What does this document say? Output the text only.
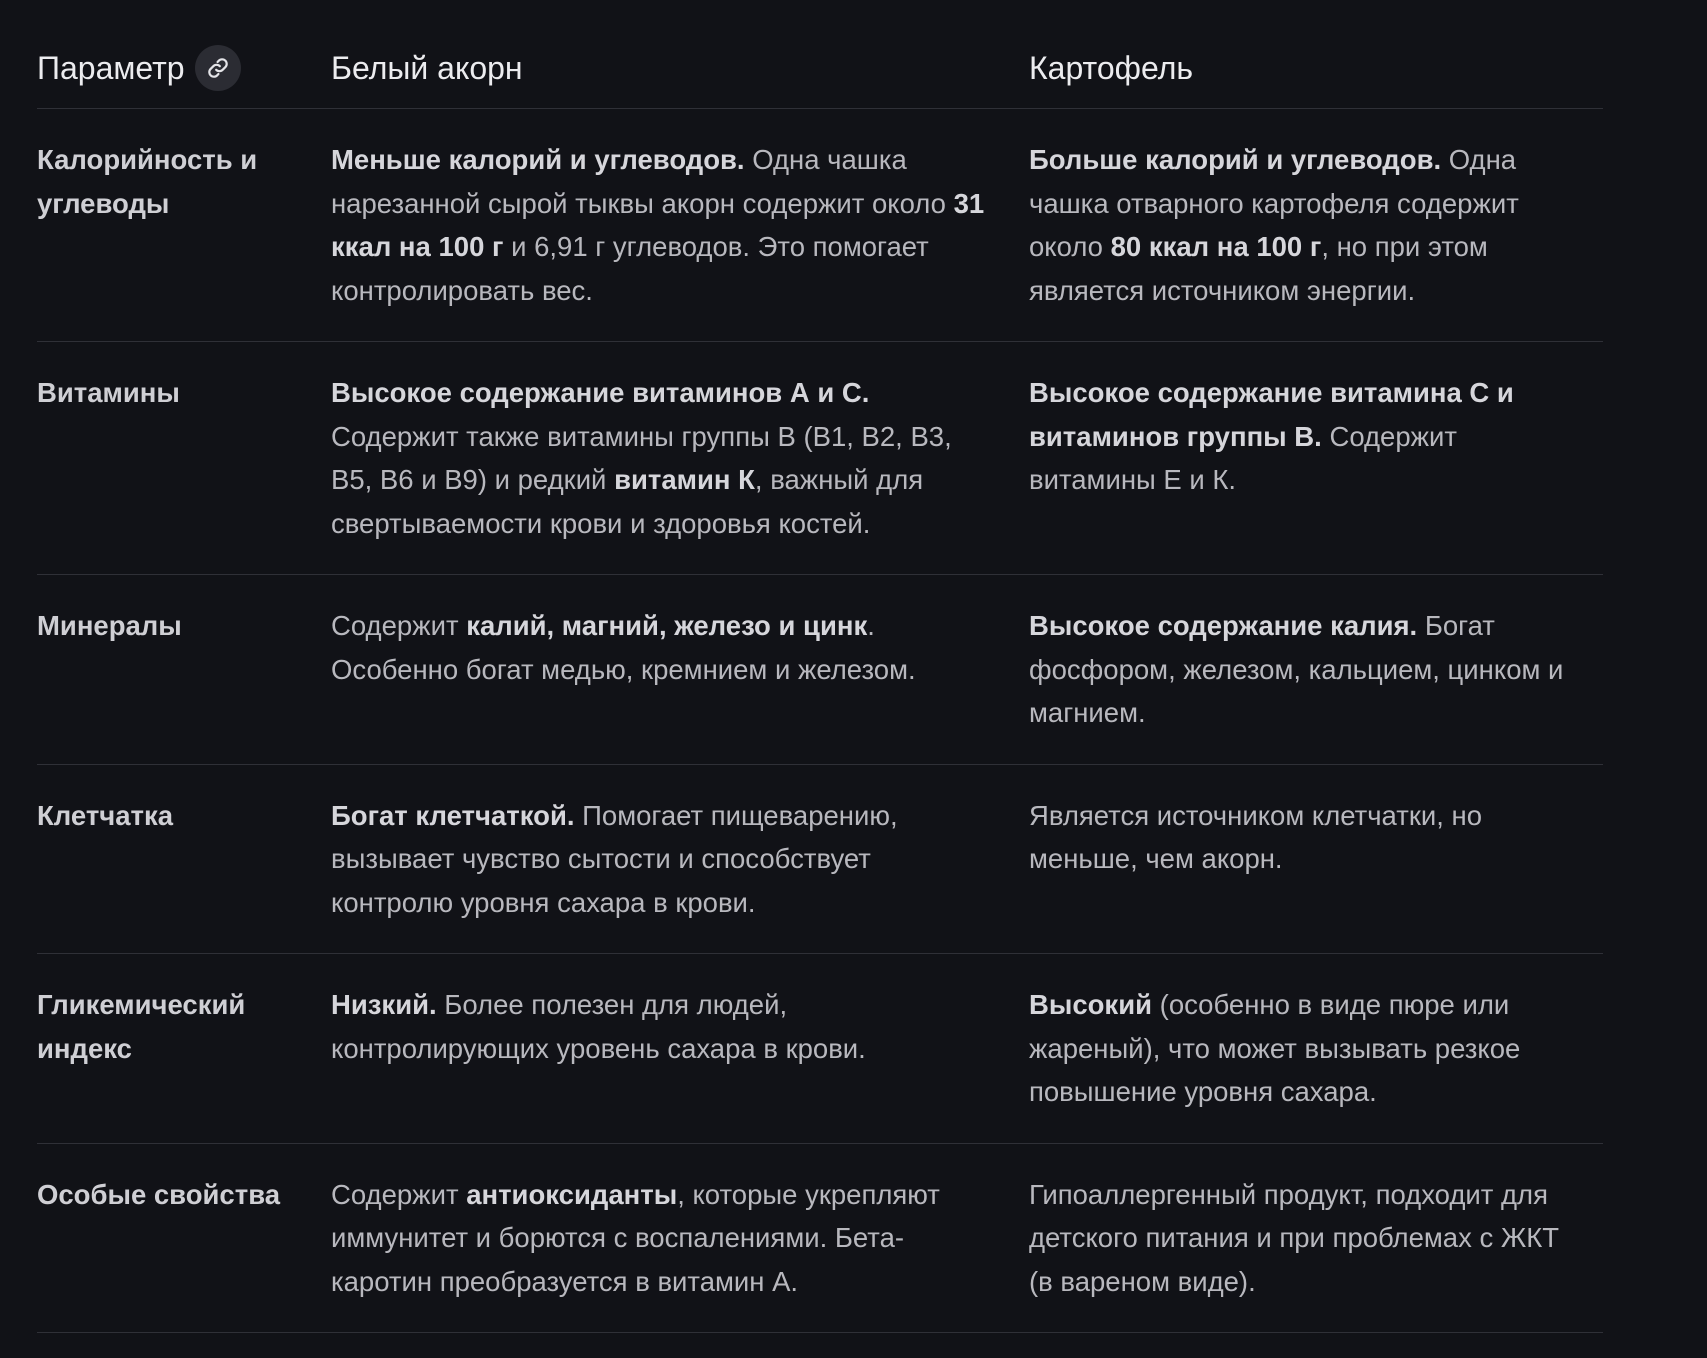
Параметр	Белый акорн	Картофель
Калорийность и углеводы	Меньше калорий и углеводов. Одна чашка нарезанной сырой тыквы акорн содержит около 31 ккал на 100 г и 6,91 г углеводов. Это помогает контролировать вес.	Больше калорий и углеводов. Одна чашка отварного картофеля содержит около 80 ккал на 100 г, но при этом является источником энергии.
Витамины	Высокое содержание витаминов А и С. Содержит также витамины группы В (В1, В2, В3, В5, В6 и В9) и редкий витамин К, важный для свертываемости крови и здоровья костей.	Высокое содержание витамина С и витаминов группы В. Содержит витамины Е и К.
Минералы	Содержит калий, магний, железо и цинк. Особенно богат медью, кремнием и железом.	Высокое содержание калия. Богат фосфором, железом, кальцием, цинком и магнием.
Клетчатка	Богат клетчаткой. Помогает пищеварению, вызывает чувство сытости и способствует контролю уровня сахара в крови.	Является источником клетчатки, но меньше, чем акорн.
Гликемический индекс	Низкий. Более полезен для людей, контролирующих уровень сахара в крови.	Высокий (особенно в виде пюре или жареный), что может вызывать резкое повышение уровня сахара.
Особые свойства	Содержит антиоксиданты, которые укрепляют иммунитет и борются с воспалениями. Бета-каротин преобразуется в витамин А.	Гипоаллергенный продукт, подходит для детского питания и при проблемах с ЖКТ (в вареном виде).
